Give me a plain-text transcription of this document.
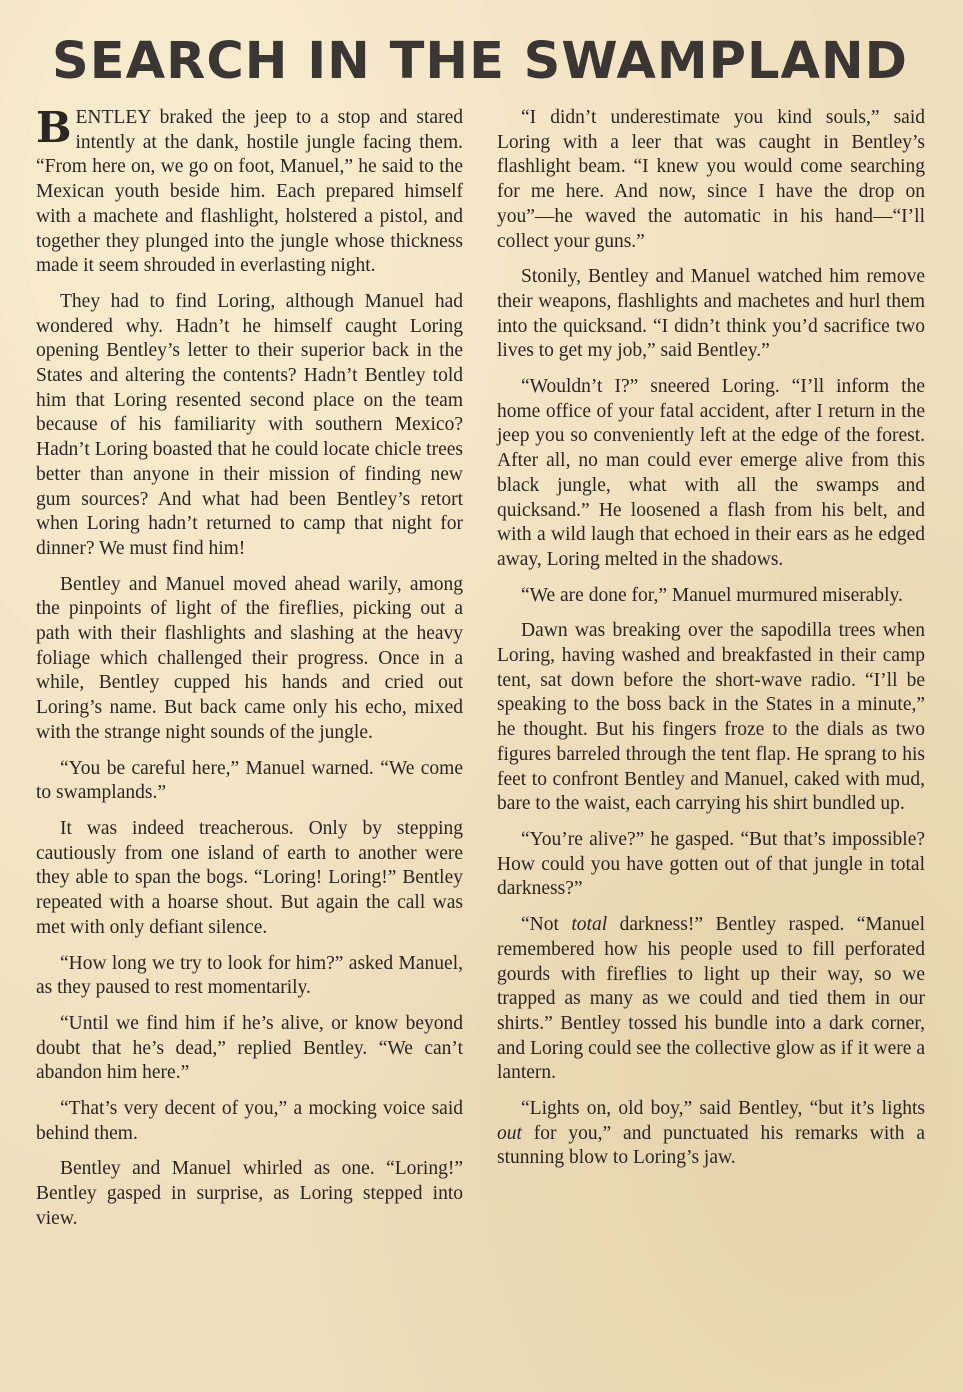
SEARCH IN THE SWAMPLAND

BENTLEY braked the jeep to a stop and stared intently at the dank, hostile jungle facing them. “From here on, we go on foot, Manuel,” he said to the Mexican youth beside him. Each prepared himself with a machete and flashlight, holstered a pistol, and together they plunged into the jungle whose thickness made it seem shrouded in everlasting night.

They had to find Loring, although Manuel had wondered why. Hadn’t he himself caught Loring opening Bentley’s letter to their superior back in the States and altering the contents? Hadn’t Bentley told him that Loring resented second place on the team because of his familiarity with southern Mexico? Hadn’t Loring boasted that he could locate chicle trees better than anyone in their mission of finding new gum sources? And what had been Bentley’s retort when Loring hadn’t returned to camp that night for dinner? We must find him!

Bentley and Manuel moved ahead warily, among the pinpoints of light of the fireflies, picking out a path with their flashlights and slashing at the heavy foliage which challenged their progress. Once in a while, Bentley cupped his hands and cried out Loring’s name. But back came only his echo, mixed with the strange night sounds of the jungle.

“You be careful here,” Manuel warned. “We come to swamplands.”

It was indeed treacherous. Only by stepping cautiously from one island of earth to another were they able to span the bogs. “Loring! Loring!” Bentley repeated with a hoarse shout. But again the call was met with only defiant silence.

“How long we try to look for him?” asked Manuel, as they paused to rest momentarily.

“Until we find him if he’s alive, or know beyond doubt that he’s dead,” replied Bentley. “We can’t abandon him here.”

“That’s very decent of you,” a mocking voice said behind them.

Bentley and Manuel whirled as one. “Loring!” Bentley gasped in surprise, as Loring stepped into view.

“I didn’t underestimate you kind souls,” said Loring with a leer that was caught in Bentley’s flashlight beam. “I knew you would come searching for me here. And now, since I have the drop on you”—he waved the automatic in his hand—“I’ll collect your guns.”

Stonily, Bentley and Manuel watched him remove their weapons, flashlights and machetes and hurl them into the quicksand. “I didn’t think you’d sacrifice two lives to get my job,” said Bentley.”

“Wouldn’t I?” sneered Loring. “I’ll inform the home office of your fatal accident, after I return in the jeep you so conveniently left at the edge of the forest. After all, no man could ever emerge alive from this black jungle, what with all the swamps and quicksand.” He loosened a flash from his belt, and with a wild laugh that echoed in their ears as he edged away, Loring melted in the shadows.

“We are done for,” Manuel murmured miserably.

Dawn was breaking over the sapodilla trees when Loring, having washed and breakfasted in their camp tent, sat down before the short-wave radio. “I’ll be speaking to the boss back in the States in a minute,” he thought. But his fingers froze to the dials as two figures barreled through the tent flap. He sprang to his feet to confront Bentley and Manuel, caked with mud, bare to the waist, each carrying his shirt bundled up.

“You’re alive?” he gasped. “But that’s impossible? How could you have gotten out of that jungle in total darkness?”

“Not total darkness!” Bentley rasped. “Manuel remembered how his people used to fill perforated gourds with fireflies to light up their way, so we trapped as many as we could and tied them in our shirts.” Bentley tossed his bundle into a dark corner, and Loring could see the collective glow as if it were a lantern.

“Lights on, old boy,” said Bentley, “but it’s lights out for you,” and punctuated his remarks with a stunning blow to Loring’s jaw.
